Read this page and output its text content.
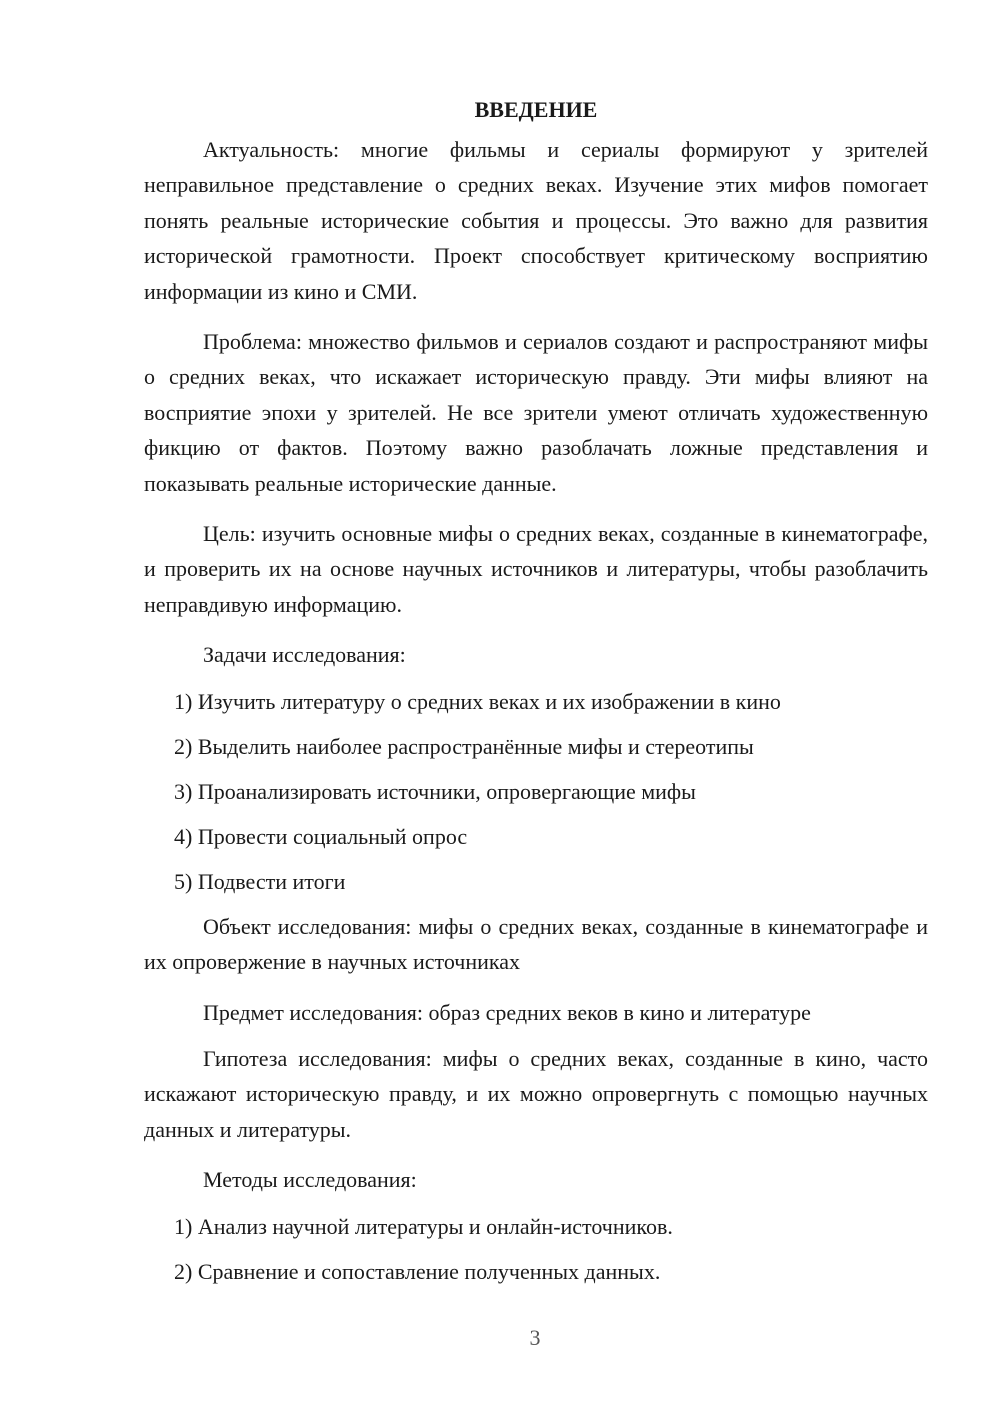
ВВЕДЕНИЕ

Актуальность: многие фильмы и сериалы формируют у зрителей неправильное представление о средних веках. Изучение этих мифов помогает понять реальные исторические события и процессы. Это важно для развития исторической грамотности. Проект способствует критическому восприятию информации из кино и СМИ.

Проблема: множество фильмов и сериалов создают и распространяют мифы о средних веках, что искажает историческую правду. Эти мифы влияют на восприятие эпохи у зрителей. Не все зрители умеют отличать художественную фикцию от фактов. Поэтому важно разоблачать ложные представления и показывать реальные исторические данные.

Цель: изучить основные мифы о средних веках, созданные в кинематографе, и проверить их на основе научных источников и литературы, чтобы разоблачить неправдивую информацию.

Задачи исследования:

1) Изучить литературу о средних веках и их изображении в кино
2) Выделить наиболее распространённые мифы и стереотипы
3) Проанализировать источники, опровергающие мифы
4) Провести социальный опрос
5) Подвести итоги

Объект исследования: мифы о средних веках, созданные в кинематографе и их опровержение в научных источниках

Предмет исследования: образ средних веков в кино и литературе

Гипотеза исследования: мифы о средних веках, созданные в кино, часто искажают историческую правду, и их можно опровергнуть с помощью научных данных и литературы.

Методы исследования:

1) Анализ научной литературы и онлайн-источников.
2) Сравнение и сопоставление полученных данных.
3
